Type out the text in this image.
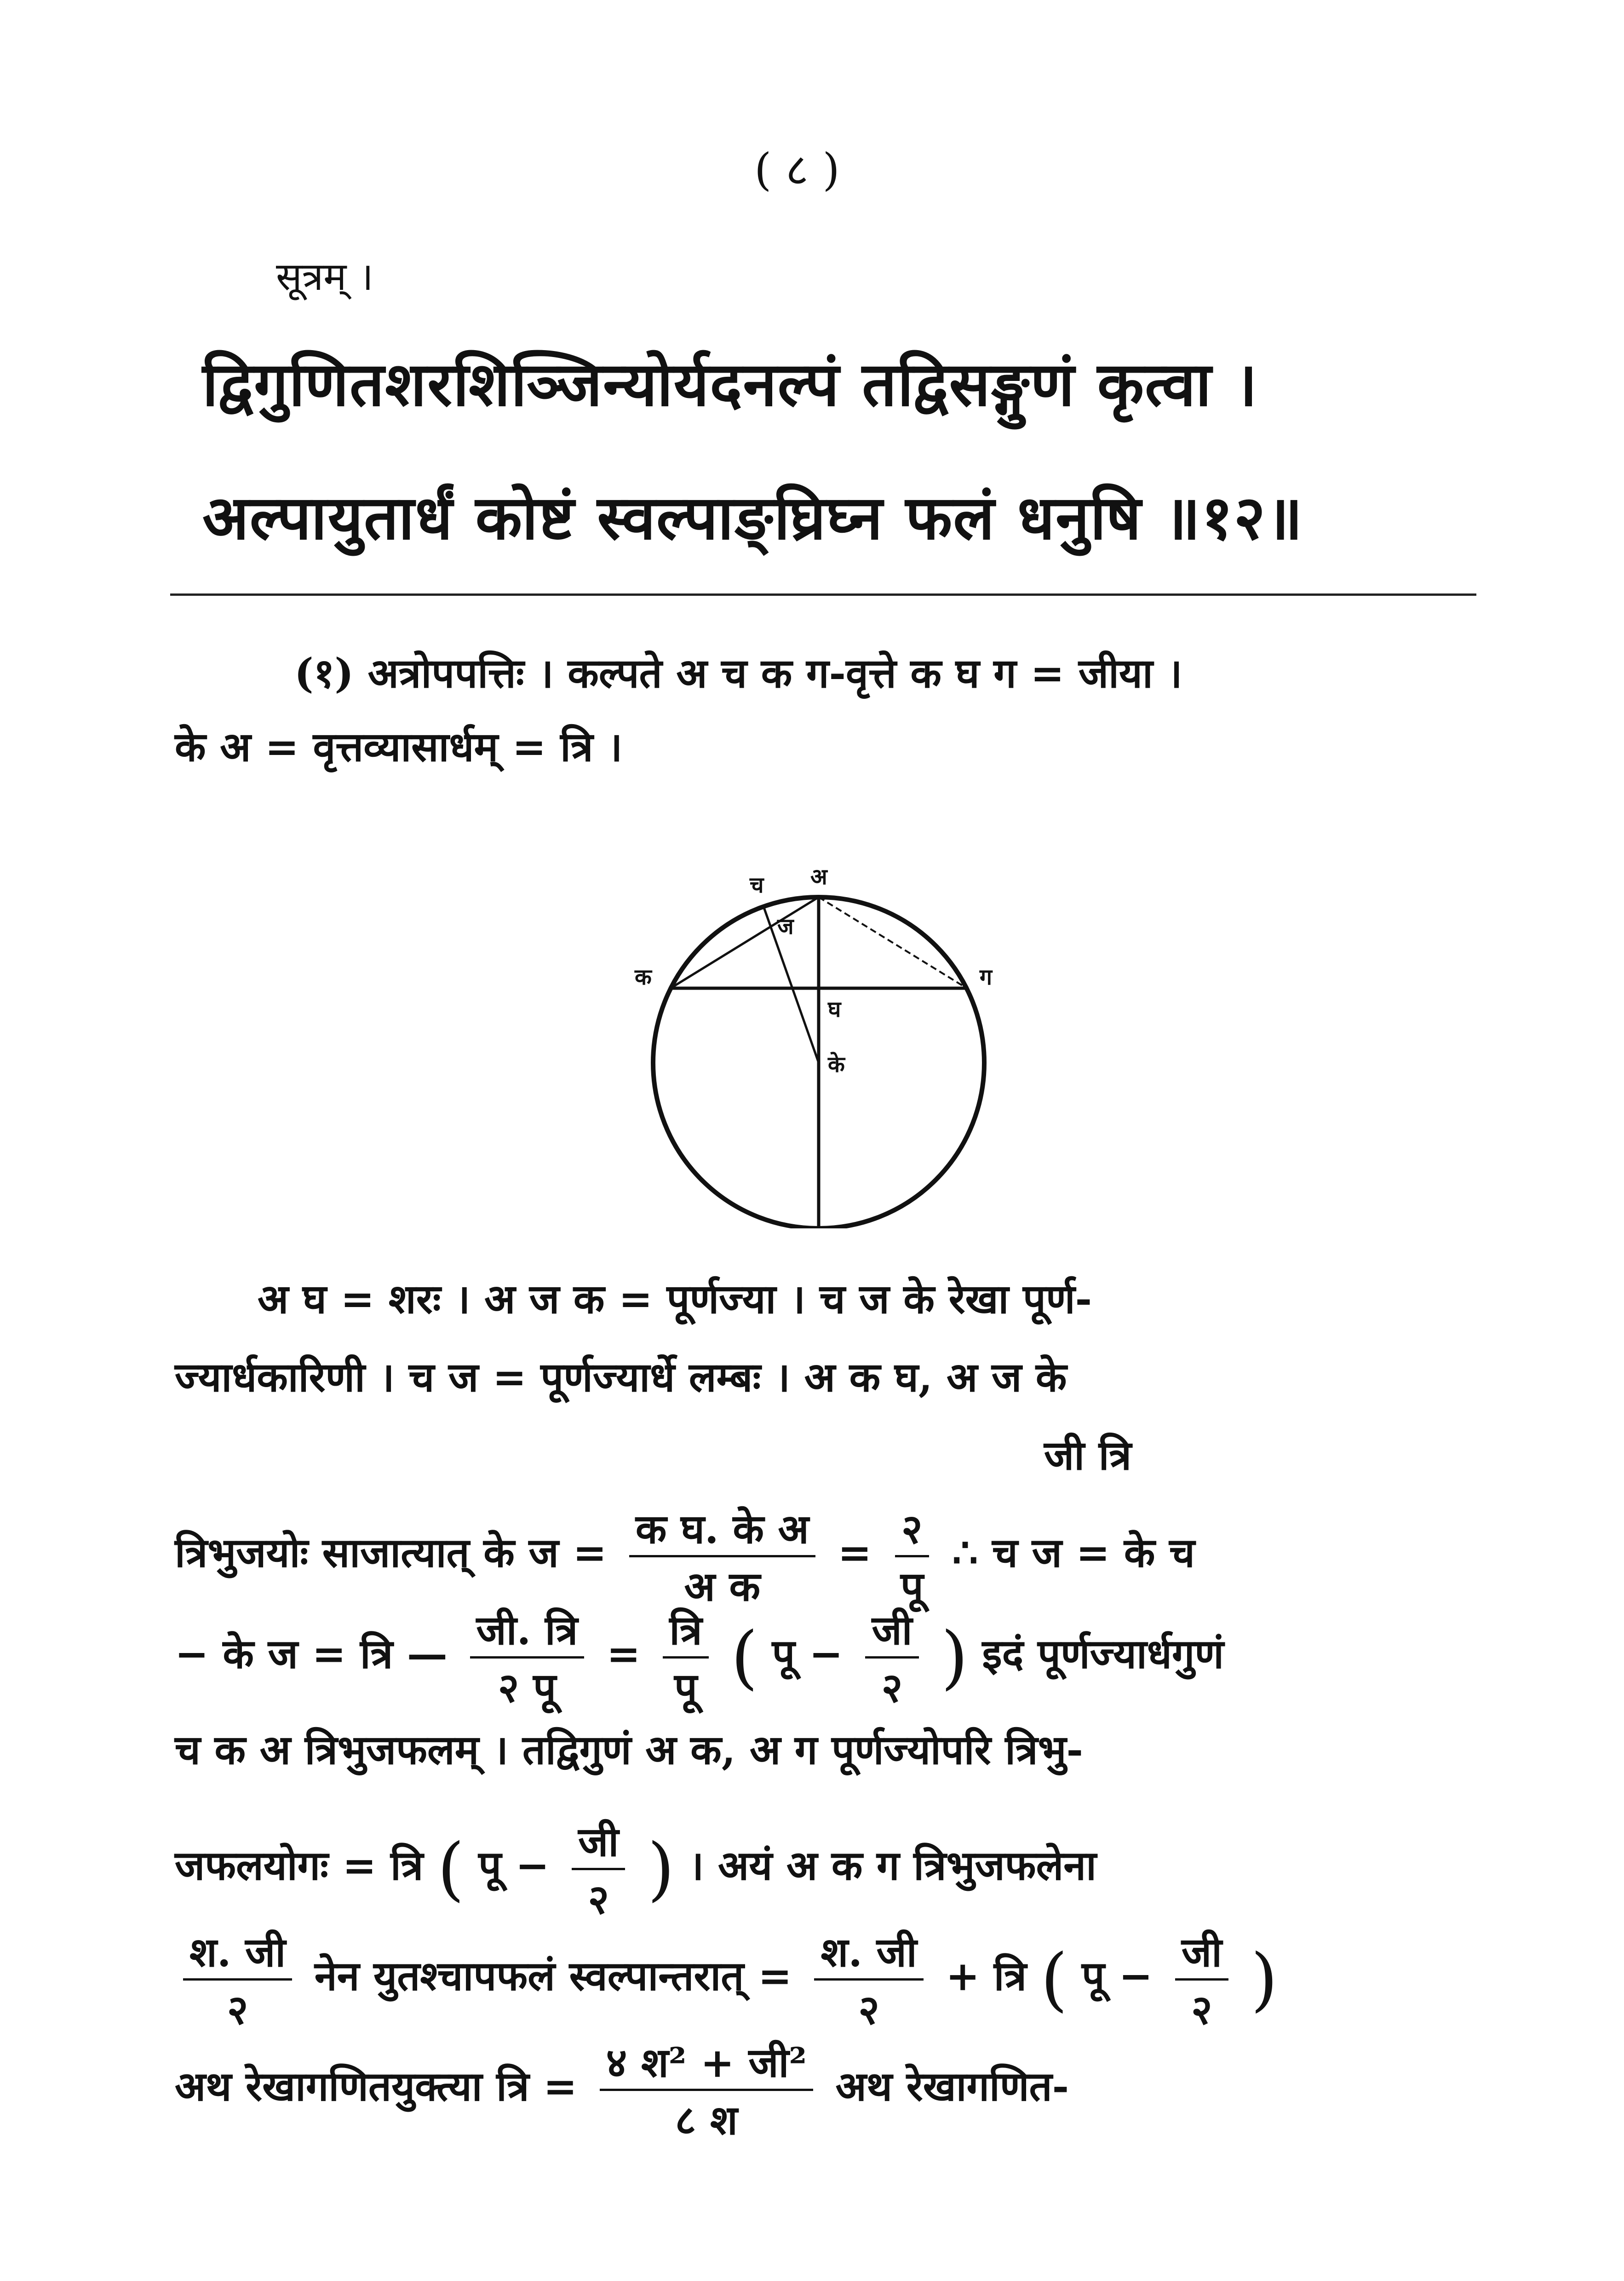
( ८ )
सूत्रम् ।
द्विगुणितशरशिञ्जिन्योर्यदनल्पं तद्विसङ्गुणं कृत्वा ।
अल्पायुतार्धं कोष्टं स्वल्पाङ्घ्रिघ्न फलं धनुषि ॥१२॥
(१) अत्रोपपत्तिः । कल्पते अ च क ग-वृत्ते क घ ग = जीया ।
के अ = वृत्तव्यासार्धम् = त्रि ।
अ
च
क	ग
ज
घ
के
अ घ = शरः । अ ज क = पूर्णज्या । च ज के रेखा पूर्ण-
ज्यार्धकारिणी । च ज = पूर्णज्यार्धे लम्बः । अ क घ, अ ज के
जी त्रि
त्रिभुजयोः साजात्यात् के ज = $\frac{\text{क घ. के अ}}{\text{अ क}} = \frac{२}{\text{पू}}$ ∴ च ज = के च
− के ज = त्रि — $\frac{\text{जी. त्रि}}{\text{२ पू}} = \frac{\text{त्रि}}{\text{पू}}$ ( पू − $\frac{\text{जी}}{२}$ ) इदं पूर्णज्यार्धगुणं
च क अ त्रिभुजफलम् । तद्विगुणं अ क, अ ग पूर्णज्योपरि त्रिभु-
जफलयोगः = त्रि ( पू − $\frac{\text{जी}}{२}$ ) । अयं अ क ग त्रिभुजफलेना
$\frac{\text{श. जी}}{२}$ नेन युतश्चापफलं स्वल्पान्तरात् = $\frac{\text{श. जी}}{२}$ + त्रि ( पू − $\frac{\text{जी}}{२}$ )
अथ रेखागणितयुक्त्या त्रि = $\frac{\text{४ श² + जी²}}{\text{८ श}}$ अथ रेखागणित-
